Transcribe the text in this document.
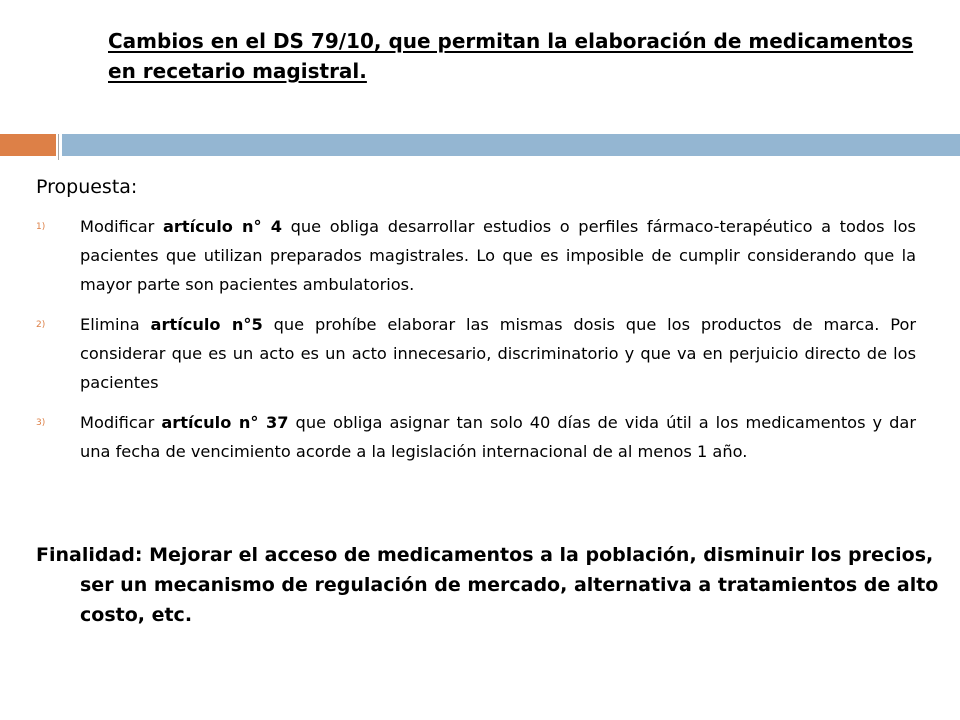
Cambios en el DS 79/10, que permitan la elaboración de medicamentos en recetario magistral.
Propuesta:
1) Modificar artículo n° 4 que obliga desarrollar estudios o perfiles fármaco-terapéutico a todos los pacientes que utilizan preparados magistrales. Lo que es imposible de cumplir considerando que la mayor parte son pacientes ambulatorios.
2) Elimina artículo n°5 que prohíbe elaborar las mismas dosis que los productos de marca. Por considerar que es un acto es un acto innecesario, discriminatorio y que va en perjuicio directo de los pacientes
3) Modificar artículo n° 37 que obliga asignar tan solo 40 días de vida útil a los medicamentos y dar una fecha de vencimiento acorde a la legislación internacional de al menos 1 año.
Finalidad: Mejorar el acceso de medicamentos a la población, disminuir los precios, ser un mecanismo de regulación de mercado, alternativa a tratamientos de alto costo, etc.
